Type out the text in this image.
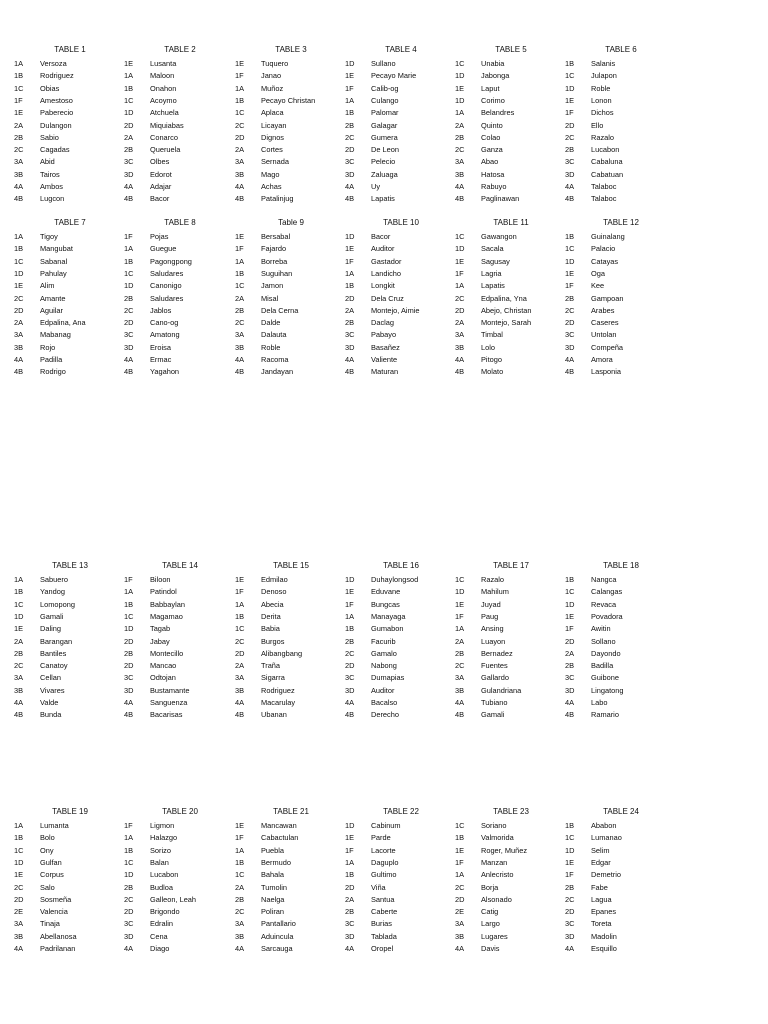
TABLE 1
1A	Versoza
1B	Rodriguez
1C	Obias
1F	Amestoso
1E	Paberecio
2A	Dulangon
2B	Sabio
2C	Cagadas
3A	Abid
3B	Tairos
4A	Ambos
4B	Lugcon
TABLE 2
1E	Lusanta
1A	Maloon
1B	Onahon
1C	Acoymo
1D	Atchuela
2D	Miquiabas
2A	Conarco
2B	Queruela
3C	Olbes
3D	Edorot
4A	Adajar
4B	Bacor
TABLE 3
1E	Tuquero
1F	Janao
1A	Muñoz
1B	Pecayo Christan
1C	Aplaca
2C	Licayan
2D	Dignos
2A	Cortes
3A	Sernada
3B	Mago
4A	Achas
4B	Patalinjug
TABLE 4
1D	Sullano
1E	Pecayo Marie
1F	Calib-og
1A	Culango
1B	Palomar
2B	Galagar
2C	Gumera
2D	De Leon
3C	Pelecio
3D	Zaluaga
4A	Uy
4B	Lapatis
TABLE 5
1C	Unabia
1D	Jabonga
1E	Laput
1D	Corimo
1A	Belandres
2A	Quinto
2B	Colao
2C	Ganza
3A	Abao
3B	Hatosa
4A	Rabuyo
4B	Paglinawan
TABLE 6
1B	Salanis
1C	Julapon
1D	Roble
1E	Lonon
1F	Dichos
2D	Ello
2C	Razalo
2B	Lucabon
3C	Cabaluna
3D	Cabatuan
4A	Talaboc
4B	Talaboc
TABLE 7
1A	Tigoy
1B	Mangubat
1C	Sabanal
1D	Pahulay
1E	Alim
2C	Amante
2D	Aguilar
2A	Edpalina, Ana
3A	Mabanag
3B	Rojo
4A	Padilla
4B	Rodrigo
TABLE 8
1F	Pojas
1A	Guegue
1B	Pagongpong
1C	Saludares
1D	Canonigo
2B	Saludares
2C	Jablos
2D	Cano-og
3C	Amatong
3D	Eroisa
4A	Ermac
4B	Yagahon
Table 9
1E	Bersabal
1F	Fajardo
1A	Borreba
1B	Suguihan
1C	Jamon
2A	Misal
2B	Dela Cerna
2C	Dalde
3A	Dalauta
3B	Roble
4A	Racoma
4B	Jandayan
TABLE 10
1D	Bacor
1E	Auditor
1F	Gastador
1A	Landicho
1B	Longkit
2D	Dela Cruz
2A	Montejo, Aimie
2B	Daclag
3C	Pabayo
3D	Basañez
4A	Valiente
4B	Maturan
TABLE 11
1C	Gawangon
1D	Sacala
1E	Sagusay
1F	Lagria
1A	Lapatis
2C	Edpalina, Yna
2D	Abejo, Christan
2A	Montejo, Sarah
3A	Timbal
3B	Lolo
4A	Pitogo
4B	Molato
TABLE 12
1B	Guinalang
1C	Palacio
1D	Catayas
1E	Oga
1F	Kee
2B	Gampoan
2C	Arabes
2D	Caseres
3C	Untolan
3D	Compeña
4A	Amora
4B	Lasponia
TABLE 13
1A	Sabuero
1B	Yandog
1C	Lomopong
1D	Gamali
1E	Daling
2A	Barangan
2B	Bantiles
2C	Canatoy
3A	Cellan
3B	Vivares
4A	Valde
4B	Bunda
TABLE 14
1F	Biloon
1A	Patindol
1B	Babbaylan
1C	Magamao
1D	Tagab
2D	Jabay
2B	Montecillo
2D	Mancao
3C	Odtojan
3D	Bustamante
4A	Sanguenza
4B	Bacarisas
TABLE 15
1E	Edmilao
1F	Denoso
1A	Abecia
1B	Derita
1C	Babia
2C	Burgos
2D	Alibangbang
2A	Traña
3A	Sigarra
3B	Rodriguez
4A	Macarulay
4B	Ubanan
TABLE 16
1D	Duhaylongsod
1E	Eduvane
1F	Bungcas
1A	Manayaga
1B	Gumabon
2B	Facurib
2C	Gamalo
2D	Nabong
3C	Dumapias
3D	Auditor
4A	Bacalso
4B	Derecho
TABLE 17
1C	Razalo
1D	Mahilum
1E	Juyad
1F	Paug
1A	Ansing
2A	Luayon
2B	Bernadez
2C	Fuentes
3A	Gallardo
3B	Gulandriana
4A	Tubiano
4B	Gamali
TABLE 18
1B	Nangca
1C	Calangas
1D	Revacа
1E	Povadora
1F	Awitin
2D	Sollano
2A	Dayondo
2B	Badilla
3C	Guibone
3D	Lingatong
4A	Labo
4B	Ramario
TABLE 19
1A	Lumanta
1B	Bolo
1C	Ony
1D	Gulfan
1E	Corpus
2C	Salo
2D	Sosmeña
2E	Valencia
3A	Tinaja
3B	Abellanosa
4A	Padrilanan
TABLE 20
1F	Ligmon
1A	Halazgo
1B	Sorizo
1C	Balan
1D	Lucabon
2B	Budloa
2C	Galleon, Leah
2D	Brigondo
3C	Edralin
3D	Cena
4A	Diago
TABLE 21
1E	Mancawan
1F	Cabactulan
1A	Puebla
1B	Bermudo
1C	Bahala
2A	Tumolin
2B	Naelga
2C	Poliran
3A	Pantallario
3B	Aduincula
4A	Sarcauga
TABLE 22
1D	Cabinum
1E	Parde
1F	Lacorte
1A	Daguplo
1B	Gultimo
2D	Viña
2A	Santua
2B	Caberte
3C	Burias
3D	Tablada
4A	Oropel
TABLE 23
1C	Soriano
1B	Valmorida
1E	Roger, Muñez
1F	Manzan
1A	Anlecristo
2C	Borja
2D	Alsonado
2E	Catig
3A	Largo
3B	Lugares
4A	Davis
TABLE 24
1B	Ababon
1C	Lumanao
1D	Selim
1E	Edgar
1F	Demetrio
2B	Fabe
2C	Lagua
2D	Epanes
3C	Toreta
3D	Madolin
4A	Esquillo
